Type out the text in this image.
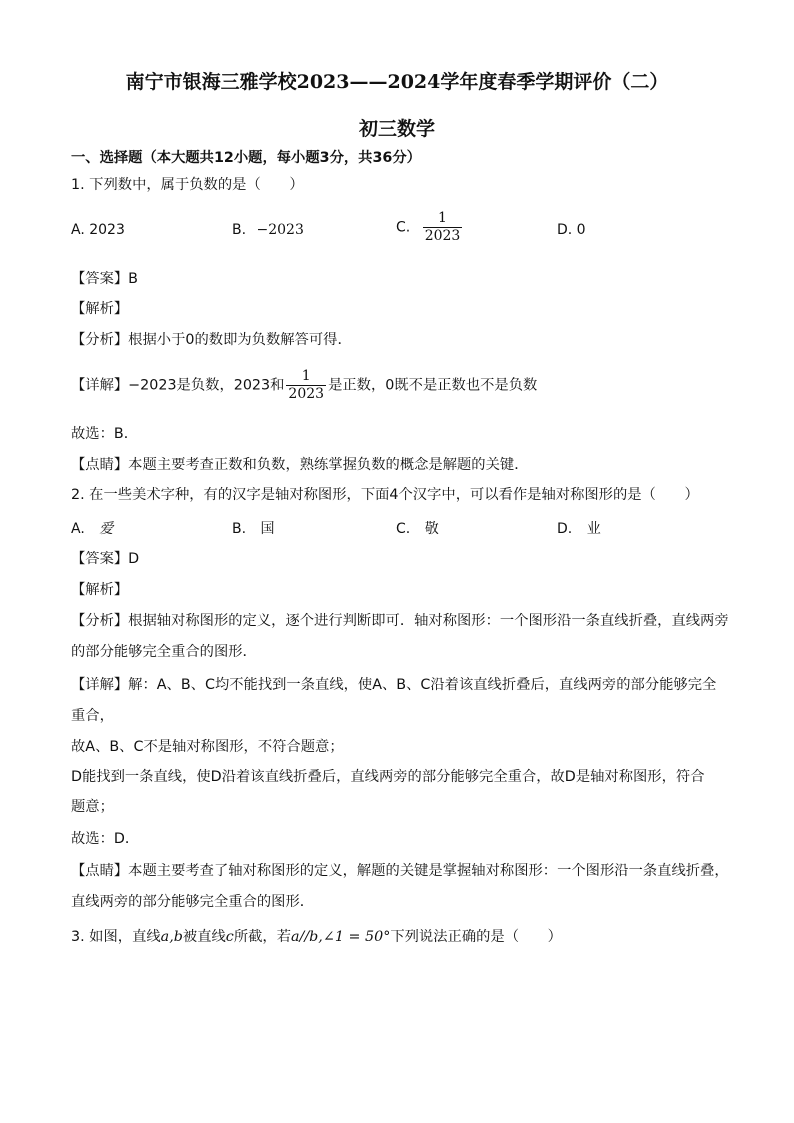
南宁市银海三雅学校2023——2024学年度春季学期评价（二）
初三数学
一、选择题（本大题共12小题，每小题3分，共36分）
1. 下列数中，属于负数的是（　　）
A. 2023	B. −2023	C. $\frac{1}{2023}$	D. 0
【答案】B
【解析】
【分析】根据小于0的数即为负数解答可得．
【详解】−2023是负数，2023和 $\frac{1}{2023}$ 是正数，0既不是正数也不是负数
故选：B．
【点睛】本题主要考查正数和负数，熟练掌握负数的概念是解题的关键．
2. 在一些美术字种，有的汉字是轴对称图形，下面4个汉字中，可以看作是轴对称图形的是（　　）
A. 爱	B. 国	C. 敬	D. 业
【答案】D
【解析】
【分析】根据轴对称图形的定义，逐个进行判断即可．轴对称图形：一个图形沿一条直线折叠，直线两旁
的部分能够完全重合的图形．
【详解】解：A、B、C均不能找到一条直线，使A、B、C沿着该直线折叠后，直线两旁的部分能够完全
重合，
故A、B、C不是轴对称图形，不符合题意；
D能找到一条直线，使D沿着该直线折叠后，直线两旁的部分能够完全重合，故D是轴对称图形，符合
题意；
故选：D．
【点睛】本题主要考查了轴对称图形的定义，解题的关键是掌握轴对称图形：一个图形沿一条直线折叠，
直线两旁的部分能够完全重合的图形．
3. 如图，直线a,b被直线c所截，若a//b,∠1 = 50°下列说法正确的是（　　）
